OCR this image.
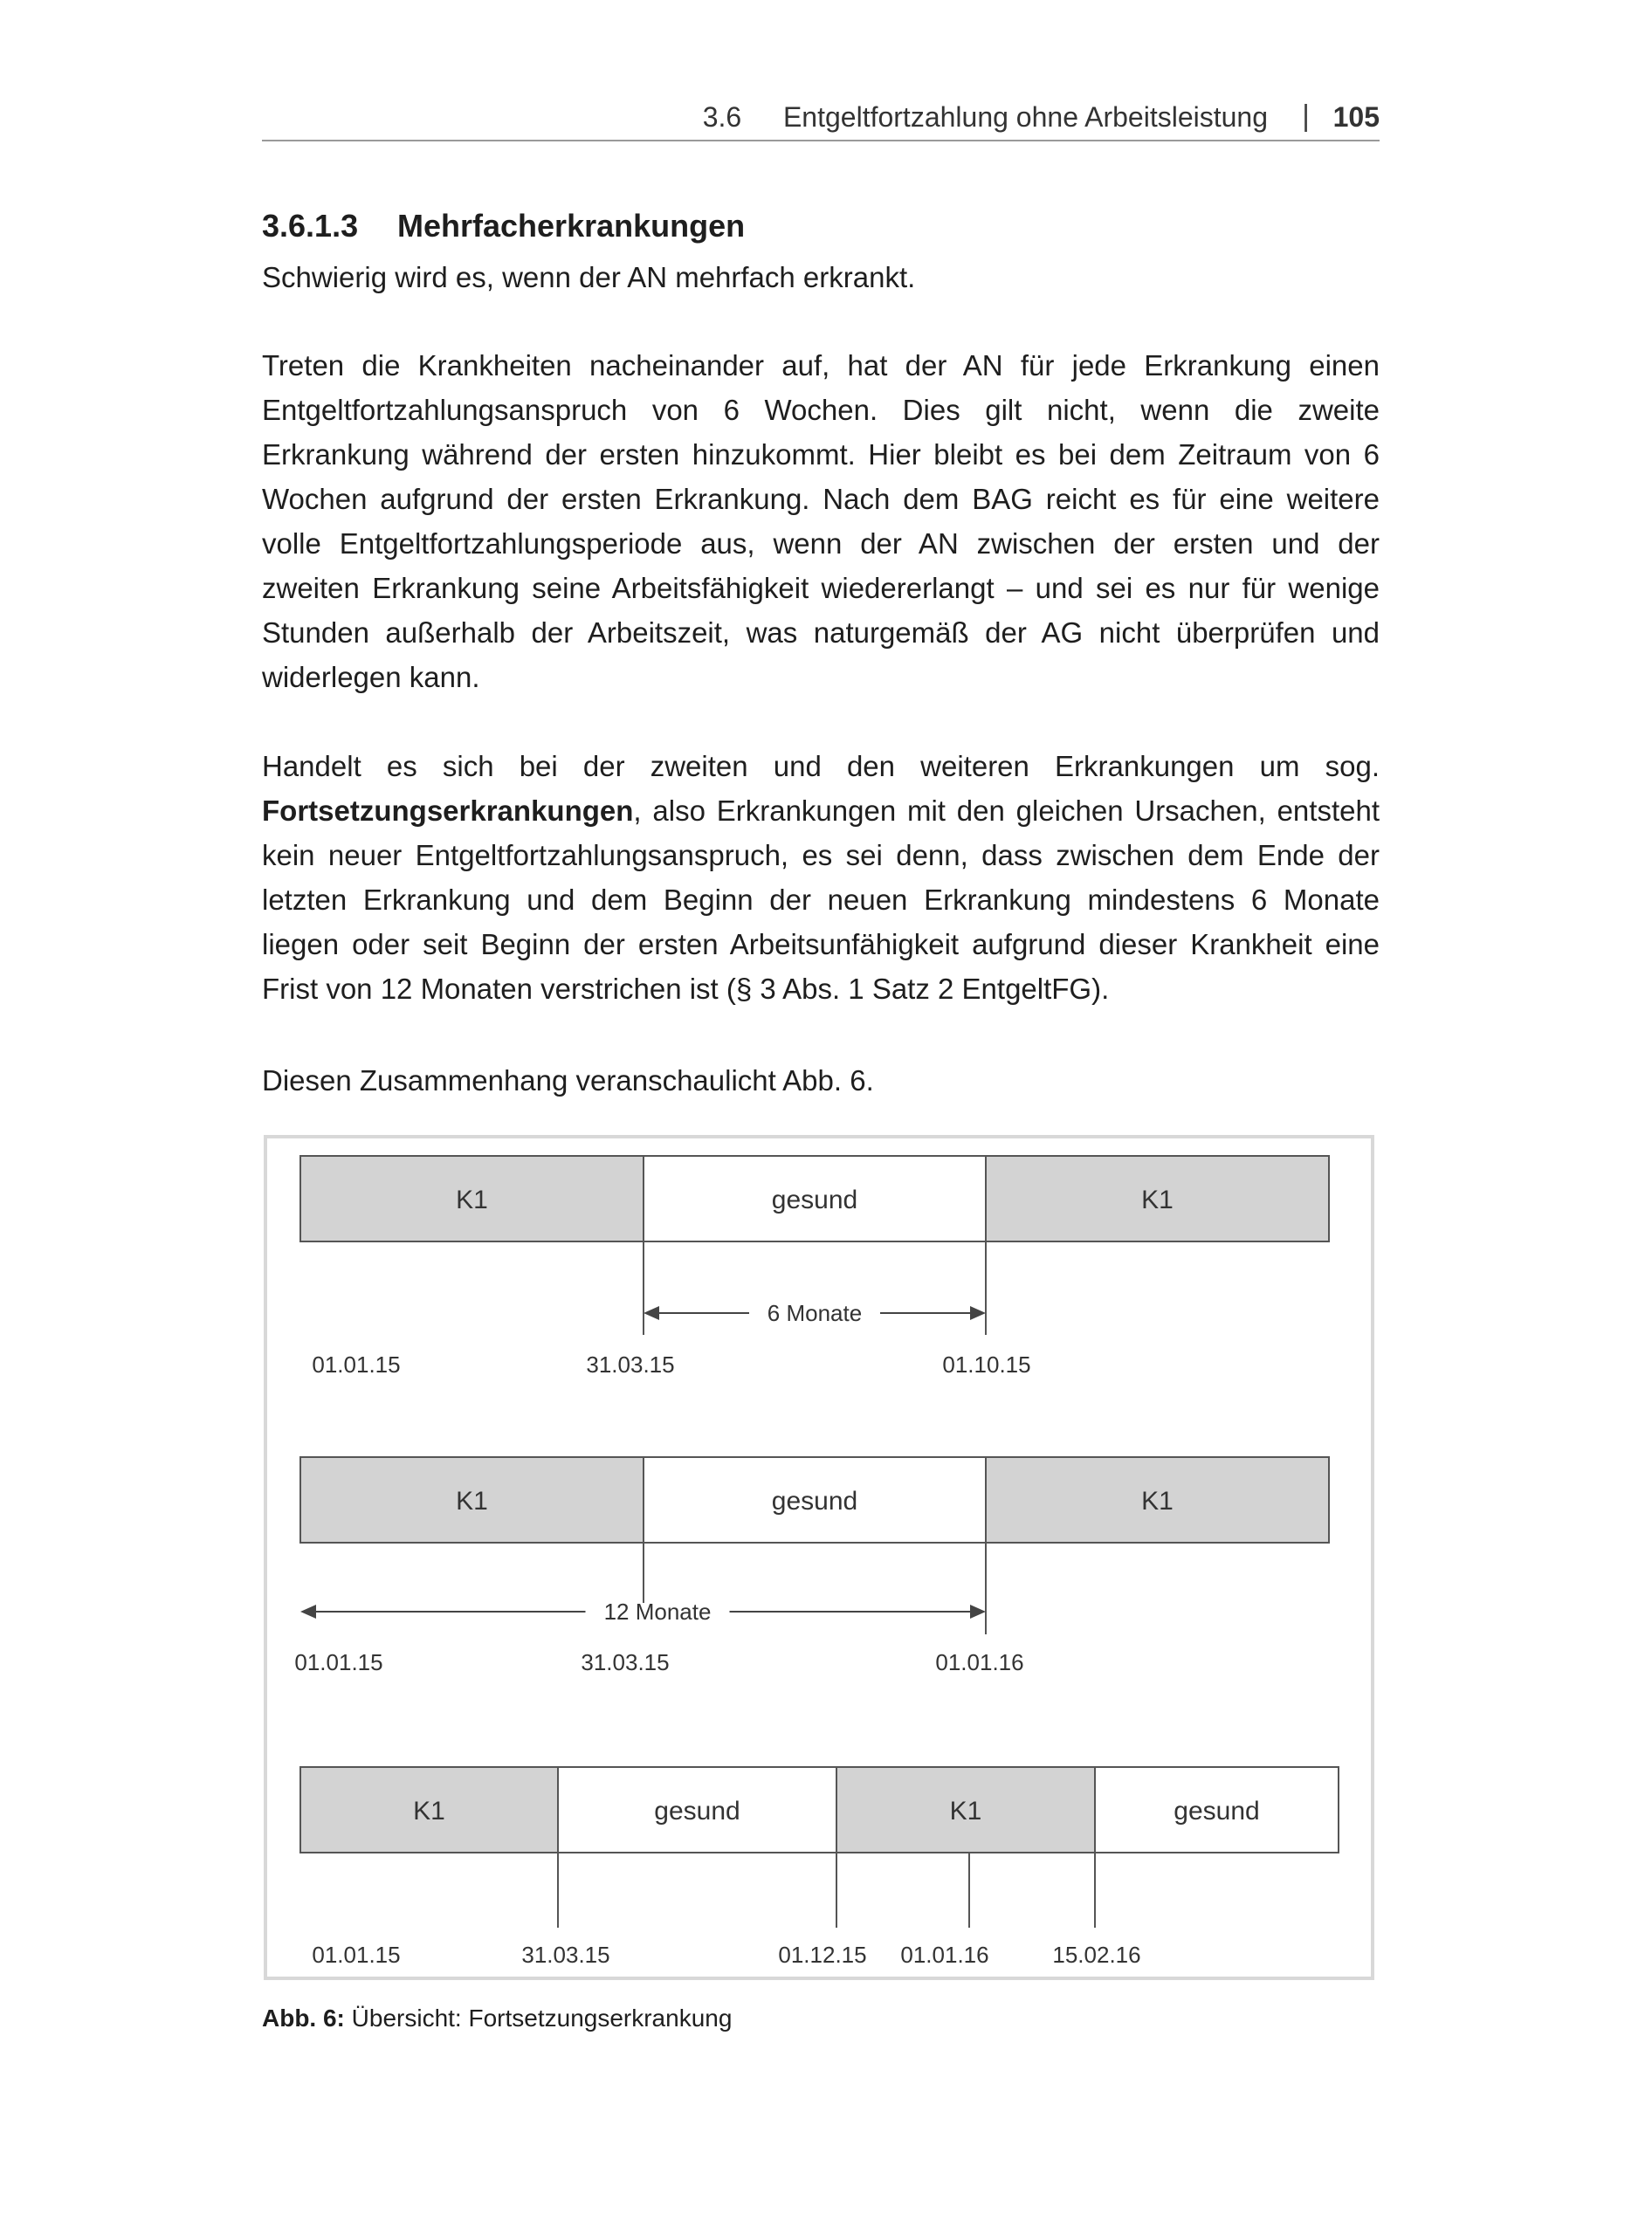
3.6 Entgeltfortzahlung ohne Arbeitsleistung | 105
3.6.1.3 Mehrfacherkrankungen
Schwierig wird es, wenn der AN mehrfach erkrankt.
Treten die Krankheiten nacheinander auf, hat der AN für jede Erkrankung einen Entgeltfortzahlungsanspruch von 6 Wochen. Dies gilt nicht, wenn die zweite Erkrankung während der ersten hinzukommt. Hier bleibt es bei dem Zeitraum von 6 Wochen aufgrund der ersten Erkrankung. Nach dem BAG reicht es für eine weitere volle Entgeltfortzahlungsperiode aus, wenn der AN zwischen der ersten und der zweiten Erkrankung seine Arbeitsfähigkeit wiedererlangt – und sei es nur für wenige Stunden außerhalb der Arbeitszeit, was naturgemäß der AG nicht überprüfen und widerlegen kann.
Handelt es sich bei der zweiten und den weiteren Erkrankungen um sog. Fortsetzungserkrankungen, also Erkrankungen mit den gleichen Ursachen, entsteht kein neuer Entgeltfortzahlungsanspruch, es sei denn, dass zwischen dem Ende der letzten Erkrankung und dem Beginn der neuen Erkrankung mindestens 6 Monate liegen oder seit Beginn der ersten Arbeitsunfähigkeit aufgrund dieser Krankheit eine Frist von 12 Monaten verstrichen ist (§ 3 Abs. 1 Satz 2 EntgeltFG).
Diesen Zusammenhang veranschaulicht Abb. 6.
K1	gesund	K1
6 Monate
01.01.15	31.03.15	01.10.15
K1	gesund	K1
12 Monate
01.01.15	31.03.15	01.01.16
K1	gesund	K1	gesund
01.01.15	31.03.15	01.12.15 01.01.16	15.02.16
Abb. 6: Übersicht: Fortsetzungserkrankung
